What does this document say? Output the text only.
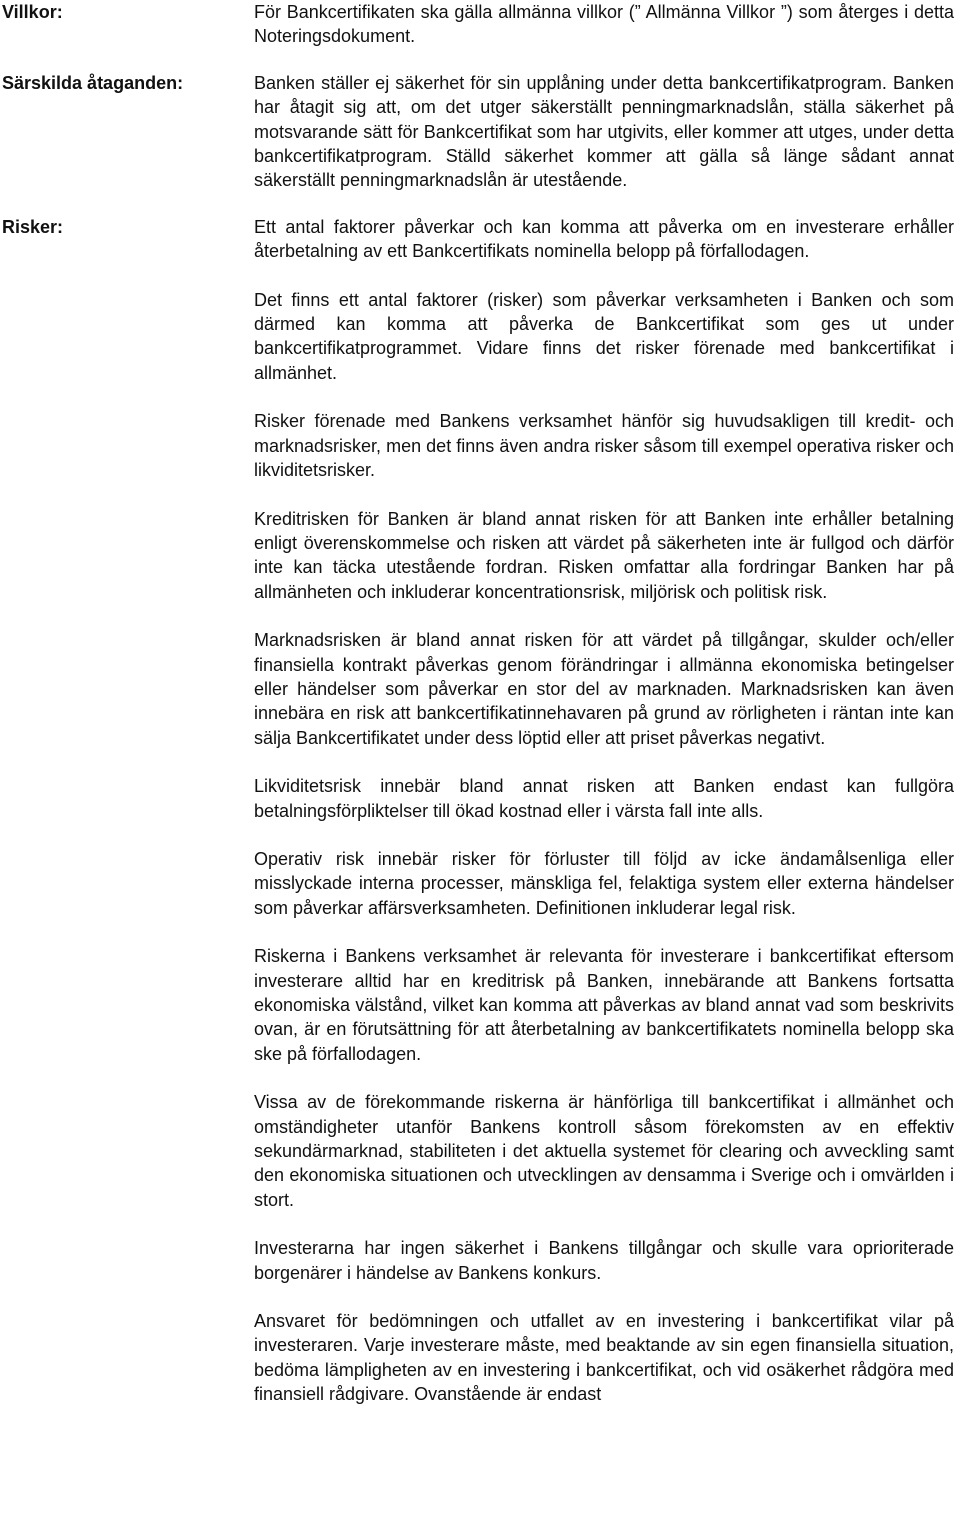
Villkor:	För Bankcertifikaten ska gälla allmänna villkor (” Allmänna Villkor ”) som återges i detta Noteringsdokument.

Särskilda åtaganden:	Banken ställer ej säkerhet för sin upplåning under detta bankcertifikatprogram. Banken har åtagit sig att, om det utger säkerställt penningmarknadslån, ställa säkerhet på motsvarande sätt för Bankcertifikat som har utgivits, eller kommer att utges, under detta bankcertifikatprogram. Ställd säkerhet kommer att gälla så länge sådant annat säkerställt penningmarknadslån är utestående.

Risker:	Ett antal faktorer påverkar och kan komma att påverka om en investerare erhåller återbetalning av ett Bankcertifikats nominella belopp på förfallodagen.

Det finns ett antal faktorer (risker) som påverkar verksamheten i Banken och som därmed kan komma att påverka de Bankcertifikat som ges ut under bankcertifikatprogrammet. Vidare finns det risker förenade med bankcertifikat i allmänhet.

Risker förenade med Bankens verksamhet hänför sig huvudsakligen till kredit- och marknadsrisker, men det finns även andra risker såsom till exempel operativa risker och likviditetsrisker.

Kreditrisken för Banken är bland annat risken för att Banken inte erhåller betalning enligt överenskommelse och risken att värdet på säkerheten inte är fullgod och därför inte kan täcka utestående fordran. Risken omfattar alla fordringar Banken har på allmänheten och inkluderar koncentrationsrisk, miljörisk och politisk risk.

Marknadsrisken är bland annat risken för att värdet på tillgångar, skulder och/eller finansiella kontrakt påverkas genom förändringar i allmänna ekonomiska betingelser eller händelser som påverkar en stor del av marknaden. Marknadsrisken kan även innebära en risk att bankcertifikatinnehavaren på grund av rörligheten i räntan inte kan sälja Bankcertifikatet under dess löptid eller att priset påverkas negativt.

Likviditetsrisk innebär bland annat risken att Banken endast kan fullgöra betalningsförpliktelser till ökad kostnad eller i värsta fall inte alls.

Operativ risk innebär risker för förluster till följd av icke ändamålsenliga eller misslyckade interna processer, mänskliga fel, felaktiga system eller externa händelser som påverkar affärsverksamheten. Definitionen inkluderar legal risk.

Riskerna i Bankens verksamhet är relevanta för investerare i bankcertifikat eftersom investerare alltid har en kreditrisk på Banken, innebärande att Bankens fortsatta ekonomiska välstånd, vilket kan komma att påverkas av bland annat vad som beskrivits ovan, är en förutsättning för att återbetalning av bankcertifikatets nominella belopp ska ske på förfallodagen.

Vissa av de förekommande riskerna är hänförliga till bankcertifikat i allmänhet och omständigheter utanför Bankens kontroll såsom förekomsten av en effektiv sekundärmarknad, stabiliteten i det aktuella systemet för clearing och avveckling samt den ekonomiska situationen och utvecklingen av densamma i Sverige och i omvärlden i stort.

Investerarna har ingen säkerhet i Bankens tillgångar och skulle vara oprioriterade borgenärer i händelse av Bankens konkurs.

Ansvaret för bedömningen och utfallet av en investering i bankcertifikat vilar på investeraren. Varje investerare måste, med beaktande av sin egen finansiella situation, bedöma lämpligheten av en investering i bankcertifikat, och vid osäkerhet rådgöra med finansiell rådgivare. Ovanstående är endast
